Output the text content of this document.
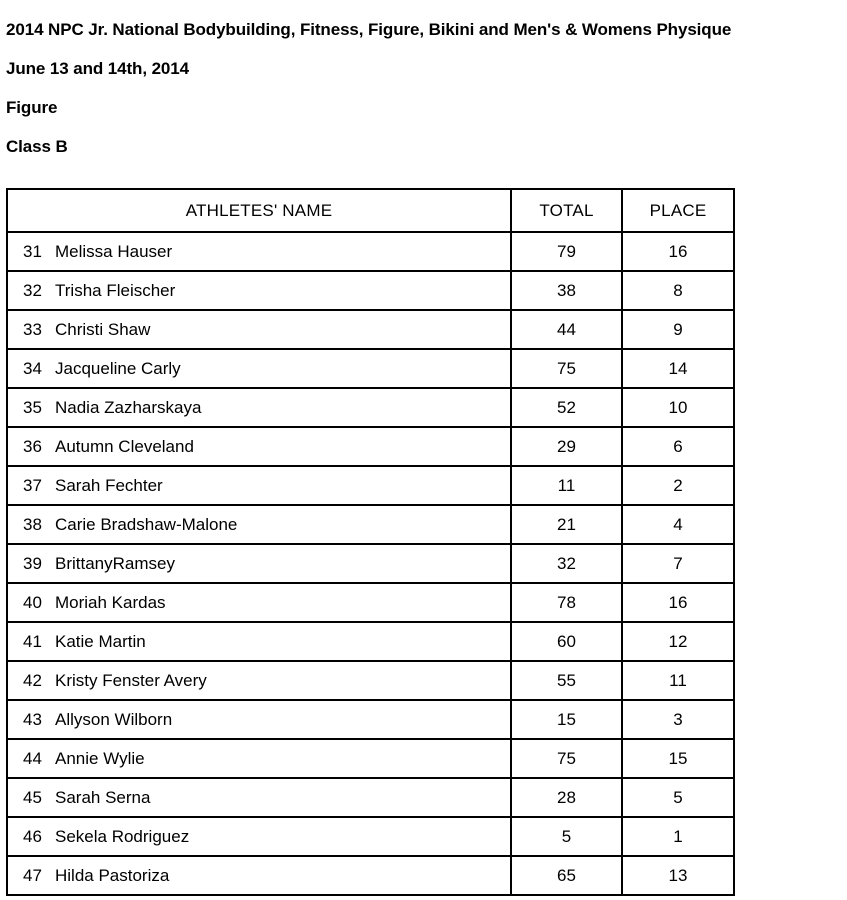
2014 NPC Jr. National Bodybuilding, Fitness, Figure, Bikini and Men's & Womens Physique
June 13 and 14th, 2014
Figure
Class B
ATHLETES' NAME	TOTAL	PLACE

31 Melissa Hauser	79	16

32 Trisha Fleischer	38	8

33 Christi Shaw	44	9

34 Jacqueline Carly	75	14

35 Nadia Zazharskaya	52	10

36 Autumn Cleveland	29	6

37 Sarah Fechter	11	2

38 Carie Bradshaw-Malone	21	4

39 BrittanyRamsey	32	7

40 Moriah Kardas	78	16

41 Katie Martin	60	12

42 Kristy Fenster Avery	55	11

43 Allyson Wilborn	15	3

44 Annie Wylie	75	15

45 Sarah Serna	28	5

46 Sekela Rodriguez	5	1

47 Hilda Pastoriza	65	13
